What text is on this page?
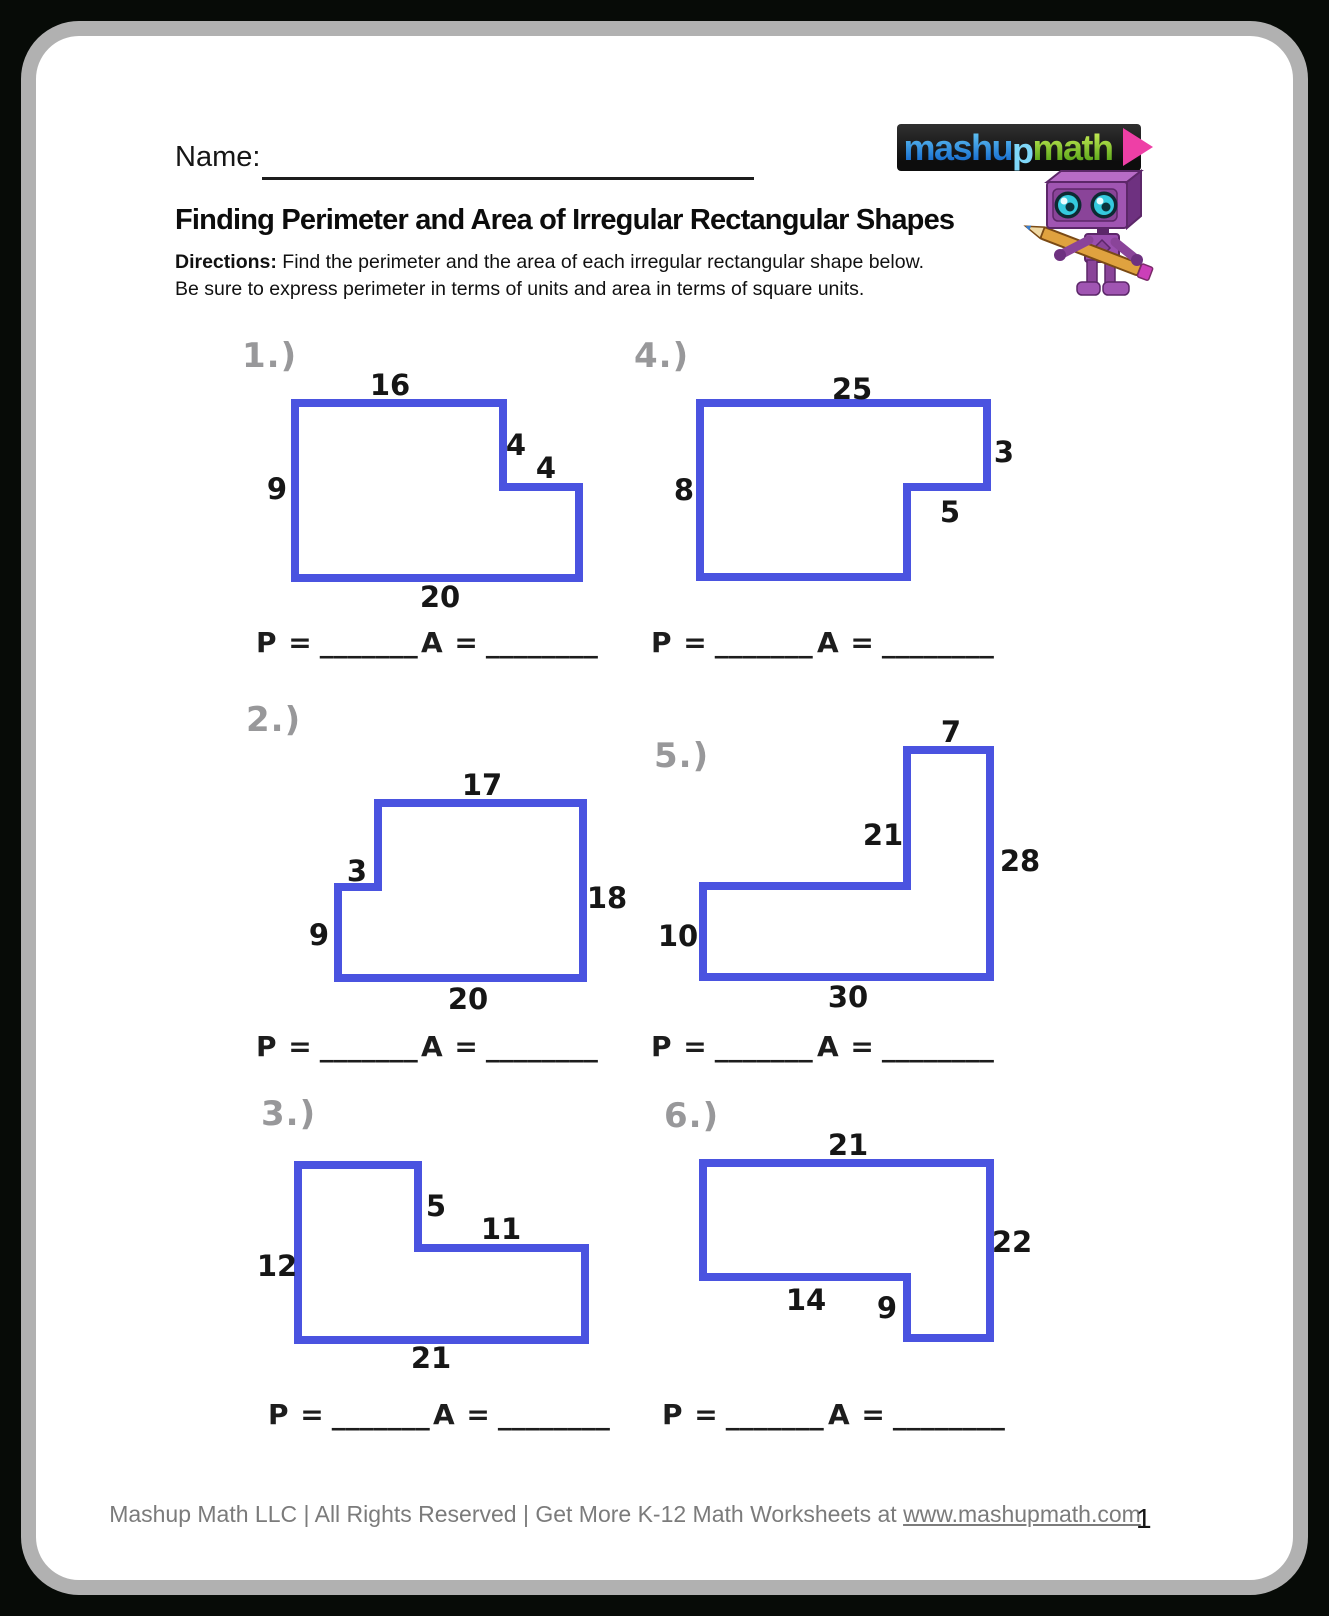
Name:
Finding Perimeter and Area of Irregular Rectangular Shapes
Directions: Find the perimeter and the area of each irregular rectangular shape below.
Be sure to express perimeter in terms of units and area in terms of square units.
mashu p math
1.)
2.)
3.)
4.)
5.)
6.)
16
4
4
9
20
17
3
18
9
20
5
11
12
21
25
3
8
5
7
21
28
10
30
21
22
14 9
P = _______ A = ________ P = _______ A = ________
P = _______ A = ________ P = _______ A = ________
P = _______ A = ________ P = _______ A = ________
Mashup Math LLC | All Rights Reserved | Get More K-12 Math Worksheets at www.mashupmath.com
1
